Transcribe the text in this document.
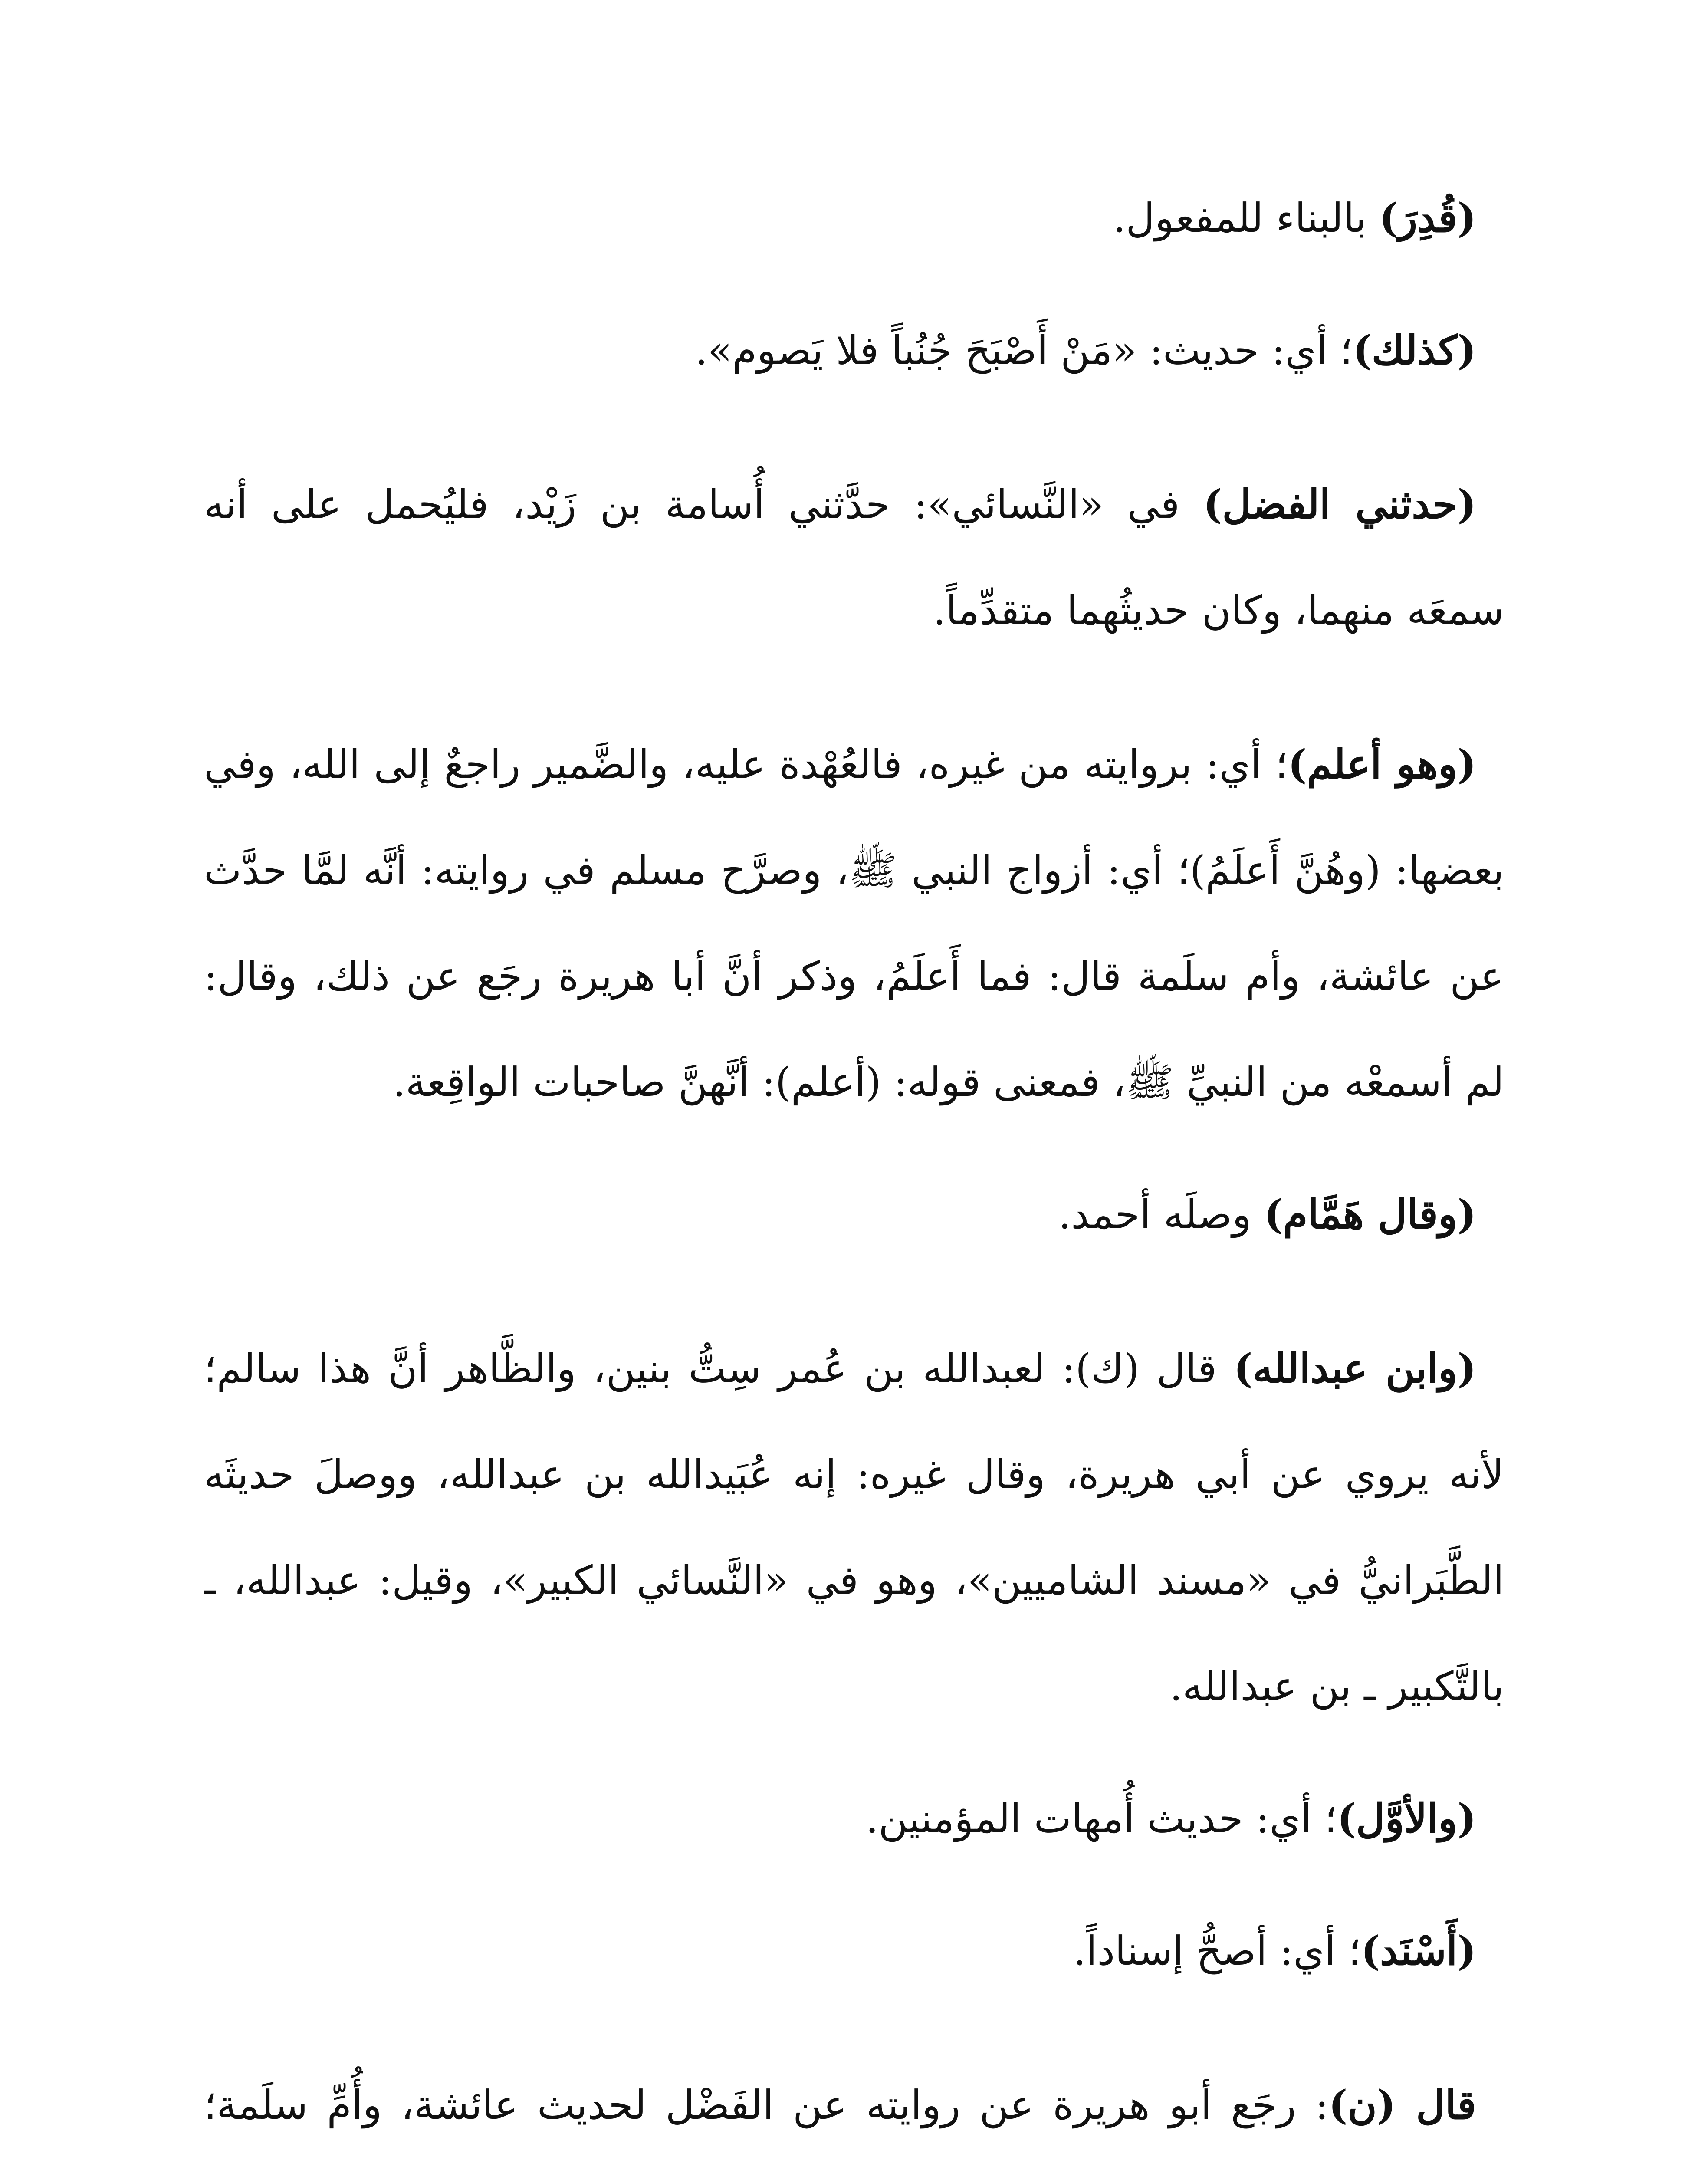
(قُدِرَ) بالبناء للمفعول.

(كذلك)؛ أي: حديث: «مَنْ أَصْبَحَ جُنُباً فلا يَصوم».

(حدثني الفضل) في «النَّسائي»: حدَّثني أُسامة بن زَيْد، فليُحمل على أنه سمعَه منهما، وكان حديثُهما متقدِّماً.

(وهو أعلم)؛ أي: بروايته من غيره، فالعُهْدة عليه، والضَّمير راجعٌ إلى الله، وفي بعضها: (وهُنَّ أَعلَمُ)؛ أي: أزواج النبي ﷺ، وصرَّح مسلم في روايته: أنَّه لمَّا حدَّث عن عائشة، وأم سلَمة قال: فما أَعلَمُ، وذكر أنَّ أبا هريرة رجَع عن ذلك، وقال: لم أسمعْه من النبيِّ ﷺ، فمعنى قوله: (أعلم): أنَّهنَّ صاحبات الواقِعة.

(وقال هَمَّام) وصلَه أحمد.

(وابن عبدالله) قال (ك): لعبدالله بن عُمر سِتُّ بنين، والظَّاهر أنَّ هذا سالم؛ لأنه يروي عن أبي هريرة، وقال غيره: إنه عُبَيدالله بن عبدالله، ووصلَ حديثَه الطَّبَرانيُّ في «مسند الشاميين»، وهو في «النَّسائي الكبير»، وقيل: عبدالله، ـ بالتَّكبير ـ بن عبدالله.

(والأوَّل)؛ أي: حديث أُمهات المؤمنين.

(أَسْنَد)؛ أي: أصحُّ إسناداً.

قال (ن): رجَع أبو هريرة عن روايته عن الفَضْل لحديث عائشة، وأُمِّ سلَمة؛
